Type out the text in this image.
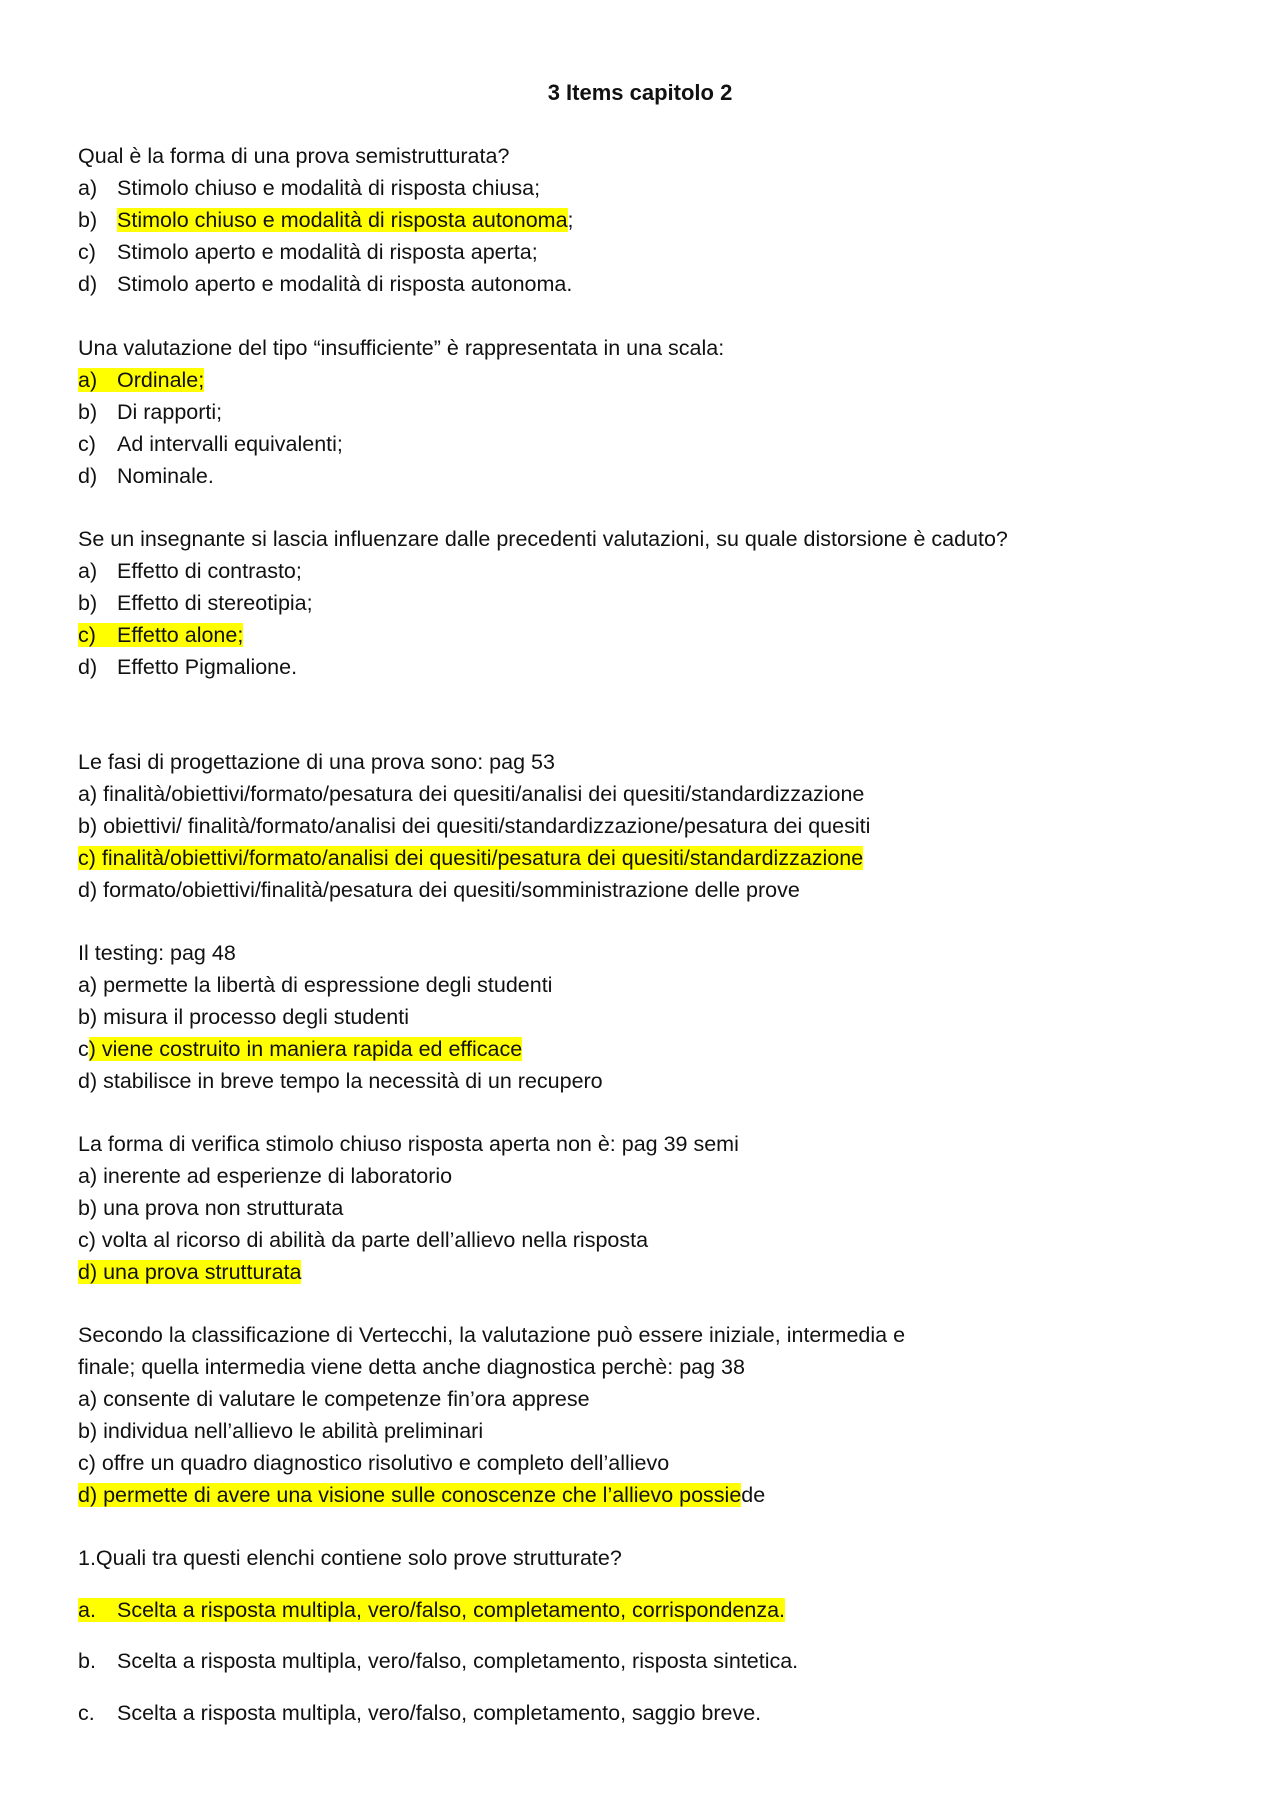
3 Items capitolo 2
Qual è la forma di una prova semistrutturata?
a) Stimolo chiuso e modalità di risposta chiusa;
b) Stimolo chiuso e modalità di risposta autonoma;
c) Stimolo aperto e modalità di risposta aperta;
d) Stimolo aperto e modalità di risposta autonoma.
Una valutazione del tipo “insufficiente” è rappresentata in una scala:
a) Ordinale;
b) Di rapporti;
c) Ad intervalli equivalenti;
d) Nominale.
Se un insegnante si lascia influenzare dalle precedenti valutazioni, su quale distorsione è caduto?
a) Effetto di contrasto;
b) Effetto di stereotipia;
c) Effetto alone;
d) Effetto Pigmalione.
Le fasi di progettazione di una prova sono: pag 53
a) finalità/obiettivi/formato/pesatura dei quesiti/analisi dei quesiti/standardizzazione
b) obiettivi/ finalità/formato/analisi dei quesiti/standardizzazione/pesatura dei quesiti
c) finalità/obiettivi/formato/analisi dei quesiti/pesatura dei quesiti/standardizzazione
d) formato/obiettivi/finalità/pesatura dei quesiti/somministrazione delle prove
Il testing: pag 48
a) permette la libertà di espressione degli studenti
b) misura il processo degli studenti
c) viene costruito in maniera rapida ed efficace
d) stabilisce in breve tempo la necessità di un recupero
La forma di verifica stimolo chiuso risposta aperta non è: pag 39 semi
a) inerente ad esperienze di laboratorio
b) una prova non strutturata
c) volta al ricorso di abilità da parte dell’allievo nella risposta
d) una prova strutturata
Secondo la classificazione di Vertecchi, la valutazione può essere iniziale, intermedia e
finale; quella intermedia viene detta anche diagnostica perchè: pag 38
a) consente di valutare le competenze fin’ora apprese
b) individua nell’allievo le abilità preliminari
c) offre un quadro diagnostico risolutivo e completo dell’allievo
d) permette di avere una visione sulle conoscenze che l’allievo possiede
1.Quali tra questi elenchi contiene solo prove strutturate?
a. Scelta a risposta multipla, vero/falso, completamento, corrispondenza.
b. Scelta a risposta multipla, vero/falso, completamento, risposta sintetica.
c. Scelta a risposta multipla, vero/falso, completamento, saggio breve.
